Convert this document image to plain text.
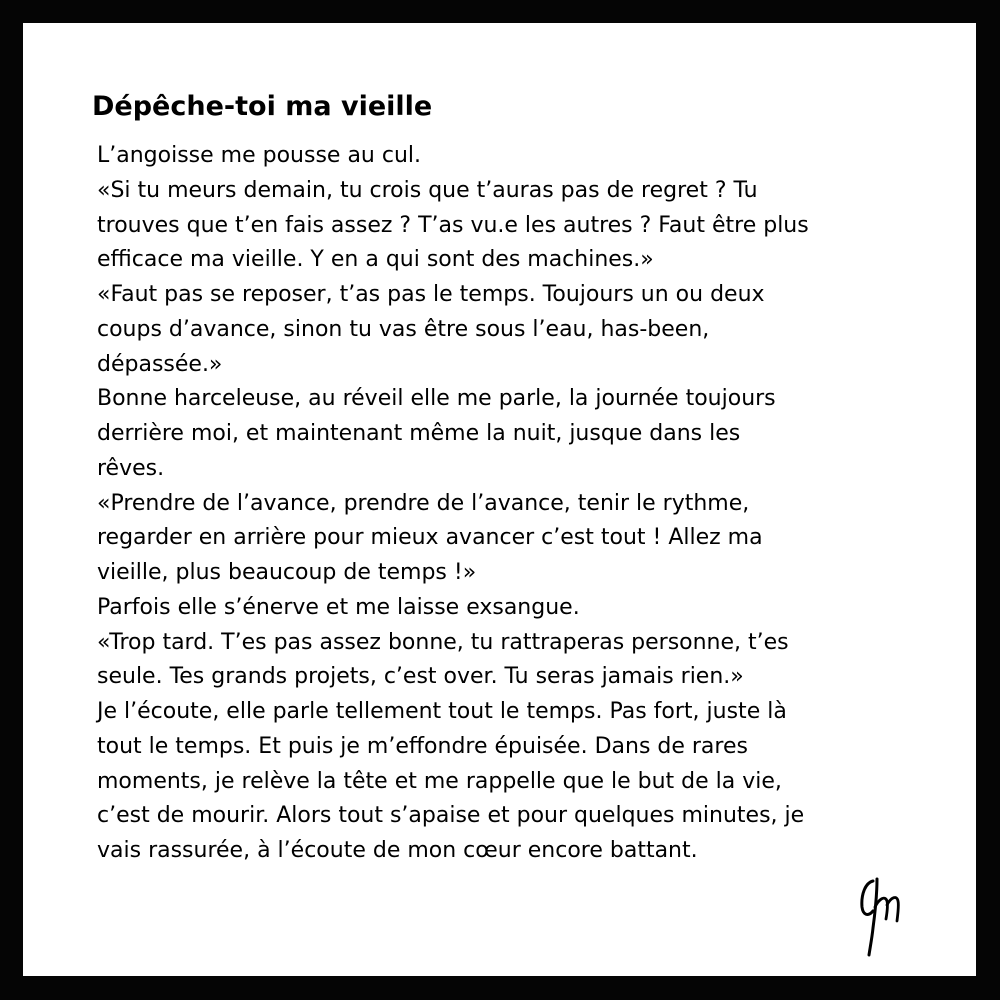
Dépêche-toi ma vieille
L’angoisse me pousse au cul.
«Si tu meurs demain, tu crois que t’auras pas de regret ? Tu
trouves que t’en fais assez ? T’as vu.e les autres ? Faut être plus
efficace ma vieille. Y en a qui sont des machines.»
«Faut pas se reposer, t’as pas le temps. Toujours un ou deux
coups d’avance, sinon tu vas être sous l’eau, has-been,
dépassée.»
Bonne harceleuse, au réveil elle me parle, la journée toujours
derrière moi, et maintenant même la nuit, jusque dans les
rêves.
«Prendre de l’avance, prendre de l’avance, tenir le rythme,
regarder en arrière pour mieux avancer c’est tout ! Allez ma
vieille, plus beaucoup de temps !»
Parfois elle s’énerve et me laisse exsangue.
«Trop tard. T’es pas assez bonne, tu rattraperas personne, t’es
seule. Tes grands projets, c’est over. Tu seras jamais rien.»
Je l’écoute, elle parle tellement tout le temps. Pas fort, juste là
tout le temps. Et puis je m’effondre épuisée. Dans de rares
moments, je relève la tête et me rappelle que le but de la vie,
c’est de mourir. Alors tout s’apaise et pour quelques minutes, je
vais rassurée, à l’écoute de mon cœur encore battant.
